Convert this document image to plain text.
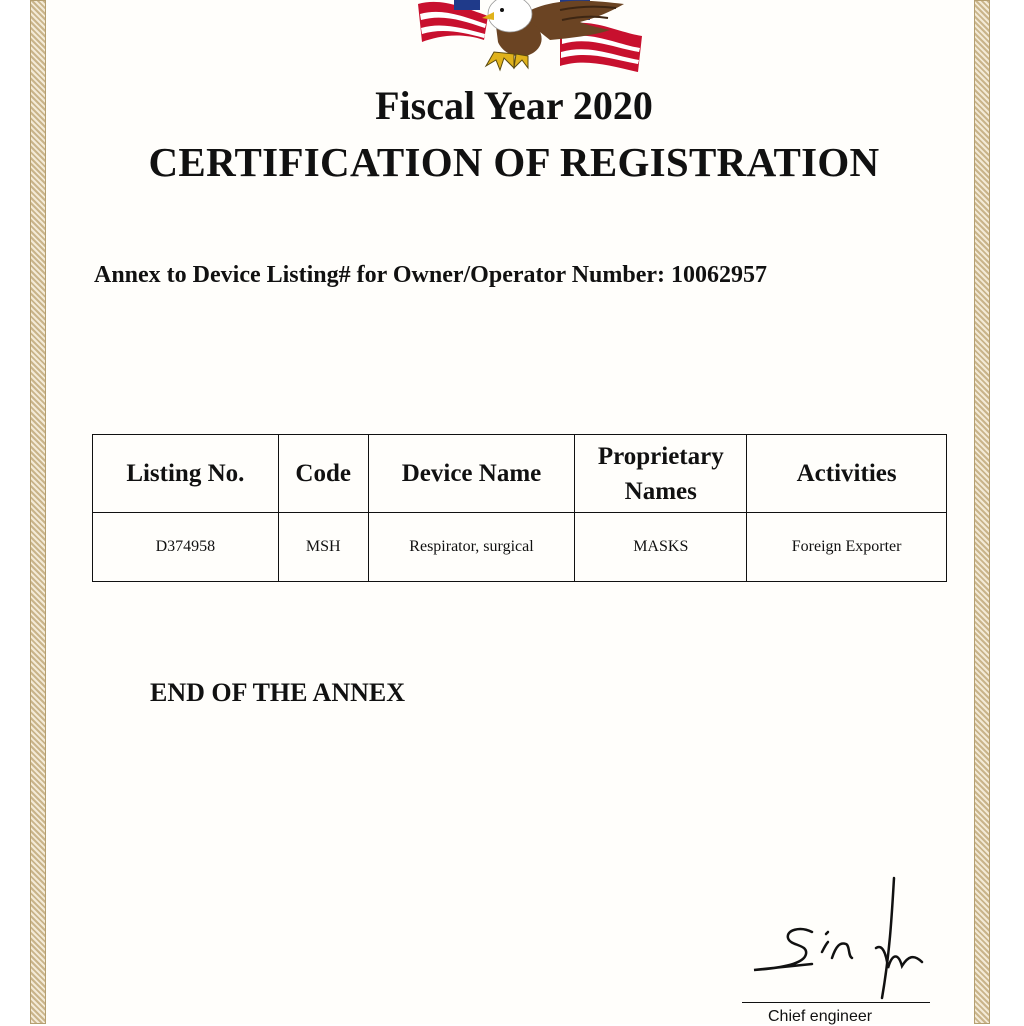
Fiscal Year 2020
CERTIFICATION OF REGISTRATION
Annex to Device Listing# for Owner/Operator Number: 10062957
Listing No.	Code	Device Name	Proprietary Names	Activities
D374958	MSH	Respirator, surgical	MASKS	Foreign Exporter
END OF THE ANNEX
Chief engineer
